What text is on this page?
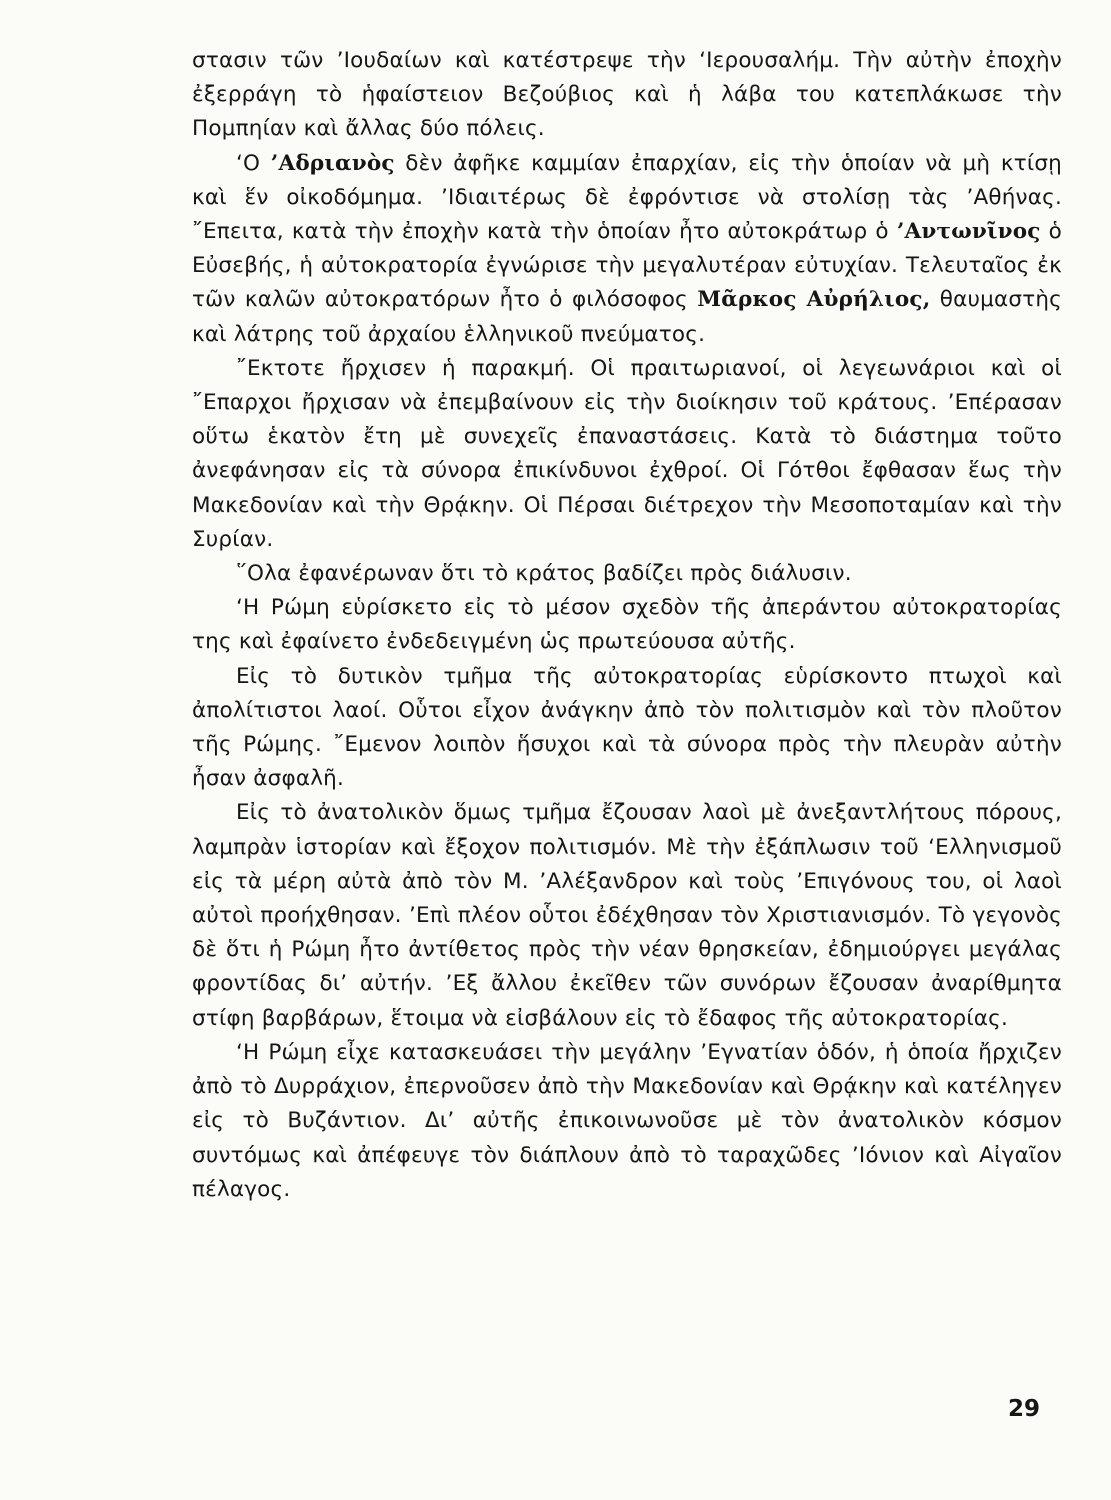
στασιν τῶν ’Ιουδαίων καὶ κατέστρεψε τὴν ‘Ιερουσαλήμ. Τὴν αὐτὴν ἐποχὴν ἐξερράγη τὸ ἡφαίστειον Βεζούβιος καὶ ἡ λάβα του κατεπλάκωσε τὴν Πομπηίαν καὶ ἄλλας δύο πόλεις.

‘Ο ’Αδριανὸς δὲν ἀφῆκε καμμίαν ἐπαρχίαν, εἰς τὴν ὁποίαν νὰ μὴ κτίσῃ καὶ ἕν οἰκοδόμημα. ’Ιδιαιτέρως δὲ ἐφρόντισε νὰ στολίσῃ τὰς ’Αθήνας. ῎Επειτα, κατὰ τὴν ἐποχὴν κατὰ τὴν ὁποίαν ἦτο αὐτοκράτωρ ὁ ’Αντωνῖνος ὁ Εὐσεβής, ἡ αὐτοκρατορία ἐγνώρισε τὴν μεγαλυτέραν εὐτυχίαν. Τελευταῖος ἐκ τῶν καλῶν αὐτοκρατόρων ἦτο ὁ φιλόσοφος Μᾶρκος Αὐρήλιος, θαυμαστὴς καὶ λάτρης τοῦ ἀρχαίου ἑλληνικοῦ πνεύματος.

῎Εκτοτε ἤρχισεν ἡ παρακμή. Οἱ πραιτωριανοί, οἱ λεγεωνάριοι καὶ οἱ ῎Επαρχοι ἤρχισαν νὰ ἐπεμβαίνουν εἰς τὴν διοίκησιν τοῦ κράτους. ’Επέρασαν οὕτω ἑκατὸν ἔτη μὲ συνεχεῖς ἐπαναστάσεις. Κατὰ τὸ διάστημα τοῦτο ἀνεφάνησαν εἰς τὰ σύνορα ἐπικίνδυνοι ἐχθροί. Οἱ Γότθοι ἔφθασαν ἕως τὴν Μακεδονίαν καὶ τὴν Θρᾴκην. Οἱ Πέρσαι διέτρεχον τὴν Μεσοποταμίαν καὶ τὴν Συρίαν.

῞Ολα ἐφανέρωναν ὅτι τὸ κράτος βαδίζει πρὸς διάλυσιν.

‘Η Ρώμη εὑρίσκετο εἰς τὸ μέσον σχεδὸν τῆς ἀπεράντου αὐτοκρατορίας της καὶ ἐφαίνετο ἐνδεδειγμένη ὡς πρωτεύουσα αὐτῆς.

Εἰς τὸ δυτικὸν τμῆμα τῆς αὐτοκρατορίας εὑρίσκοντο πτωχοὶ καὶ ἀπολίτιστοι λαοί. Οὗτοι εἶχον ἀνάγκην ἀπὸ τὸν πολιτισμὸν καὶ τὸν πλοῦτον τῆς Ρώμης. ῎Εμενον λοιπὸν ἥσυχοι καὶ τὰ σύνορα πρὸς τὴν πλευρὰν αὐτὴν ἦσαν ἀσφαλῆ.

Εἰς τὸ ἀνατολικὸν ὅμως τμῆμα ἔζουσαν λαοὶ μὲ ἀνεξαντλήτους πόρους, λαμπρὰν ἱστορίαν καὶ ἔξοχον πολιτισμόν. Μὲ τὴν ἐξάπλωσιν τοῦ ‘Ελληνισμοῦ εἰς τὰ μέρη αὐτὰ ἀπὸ τὸν Μ. ’Αλέξανδρον καὶ τοὺς ’Επιγόνους του, οἱ λαοὶ αὐτοὶ προήχθησαν. ’Επὶ πλέον οὗτοι ἐδέχθησαν τὸν Χριστιανισμόν. Τὸ γεγονὸς δὲ ὅτι ἡ Ρώμη ἦτο ἀντίθετος πρὸς τὴν νέαν θρησκείαν, ἐδημιούργει μεγάλας φροντίδας δι’ αὐτήν. ’Εξ ἄλλου ἐκεῖθεν τῶν συνόρων ἔζουσαν ἀναρίθμητα στίφη βαρβάρων, ἕτοιμα νὰ εἰσβάλουν εἰς τὸ ἔδαφος τῆς αὐτοκρατορίας.

‘Η Ρώμη εἶχε κατασκευάσει τὴν μεγάλην ’Εγνατίαν ὁδόν, ἡ ὁποία ἤρχιζεν ἀπὸ τὸ Δυρράχιον, ἐπερνοῦσεν ἀπὸ τὴν Μακεδονίαν καὶ Θρᾴκην καὶ κατέληγεν εἰς τὸ Βυζάντιον. Δι’ αὐτῆς ἐπικοινωνοῦσε μὲ τὸν ἀνατολικὸν κόσμον συντόμως καὶ ἀπέφευγε τὸν διάπλουν ἀπὸ τὸ ταραχῶδες ’Ιόνιον καὶ Αἰγαῖον πέλαγος.

29
